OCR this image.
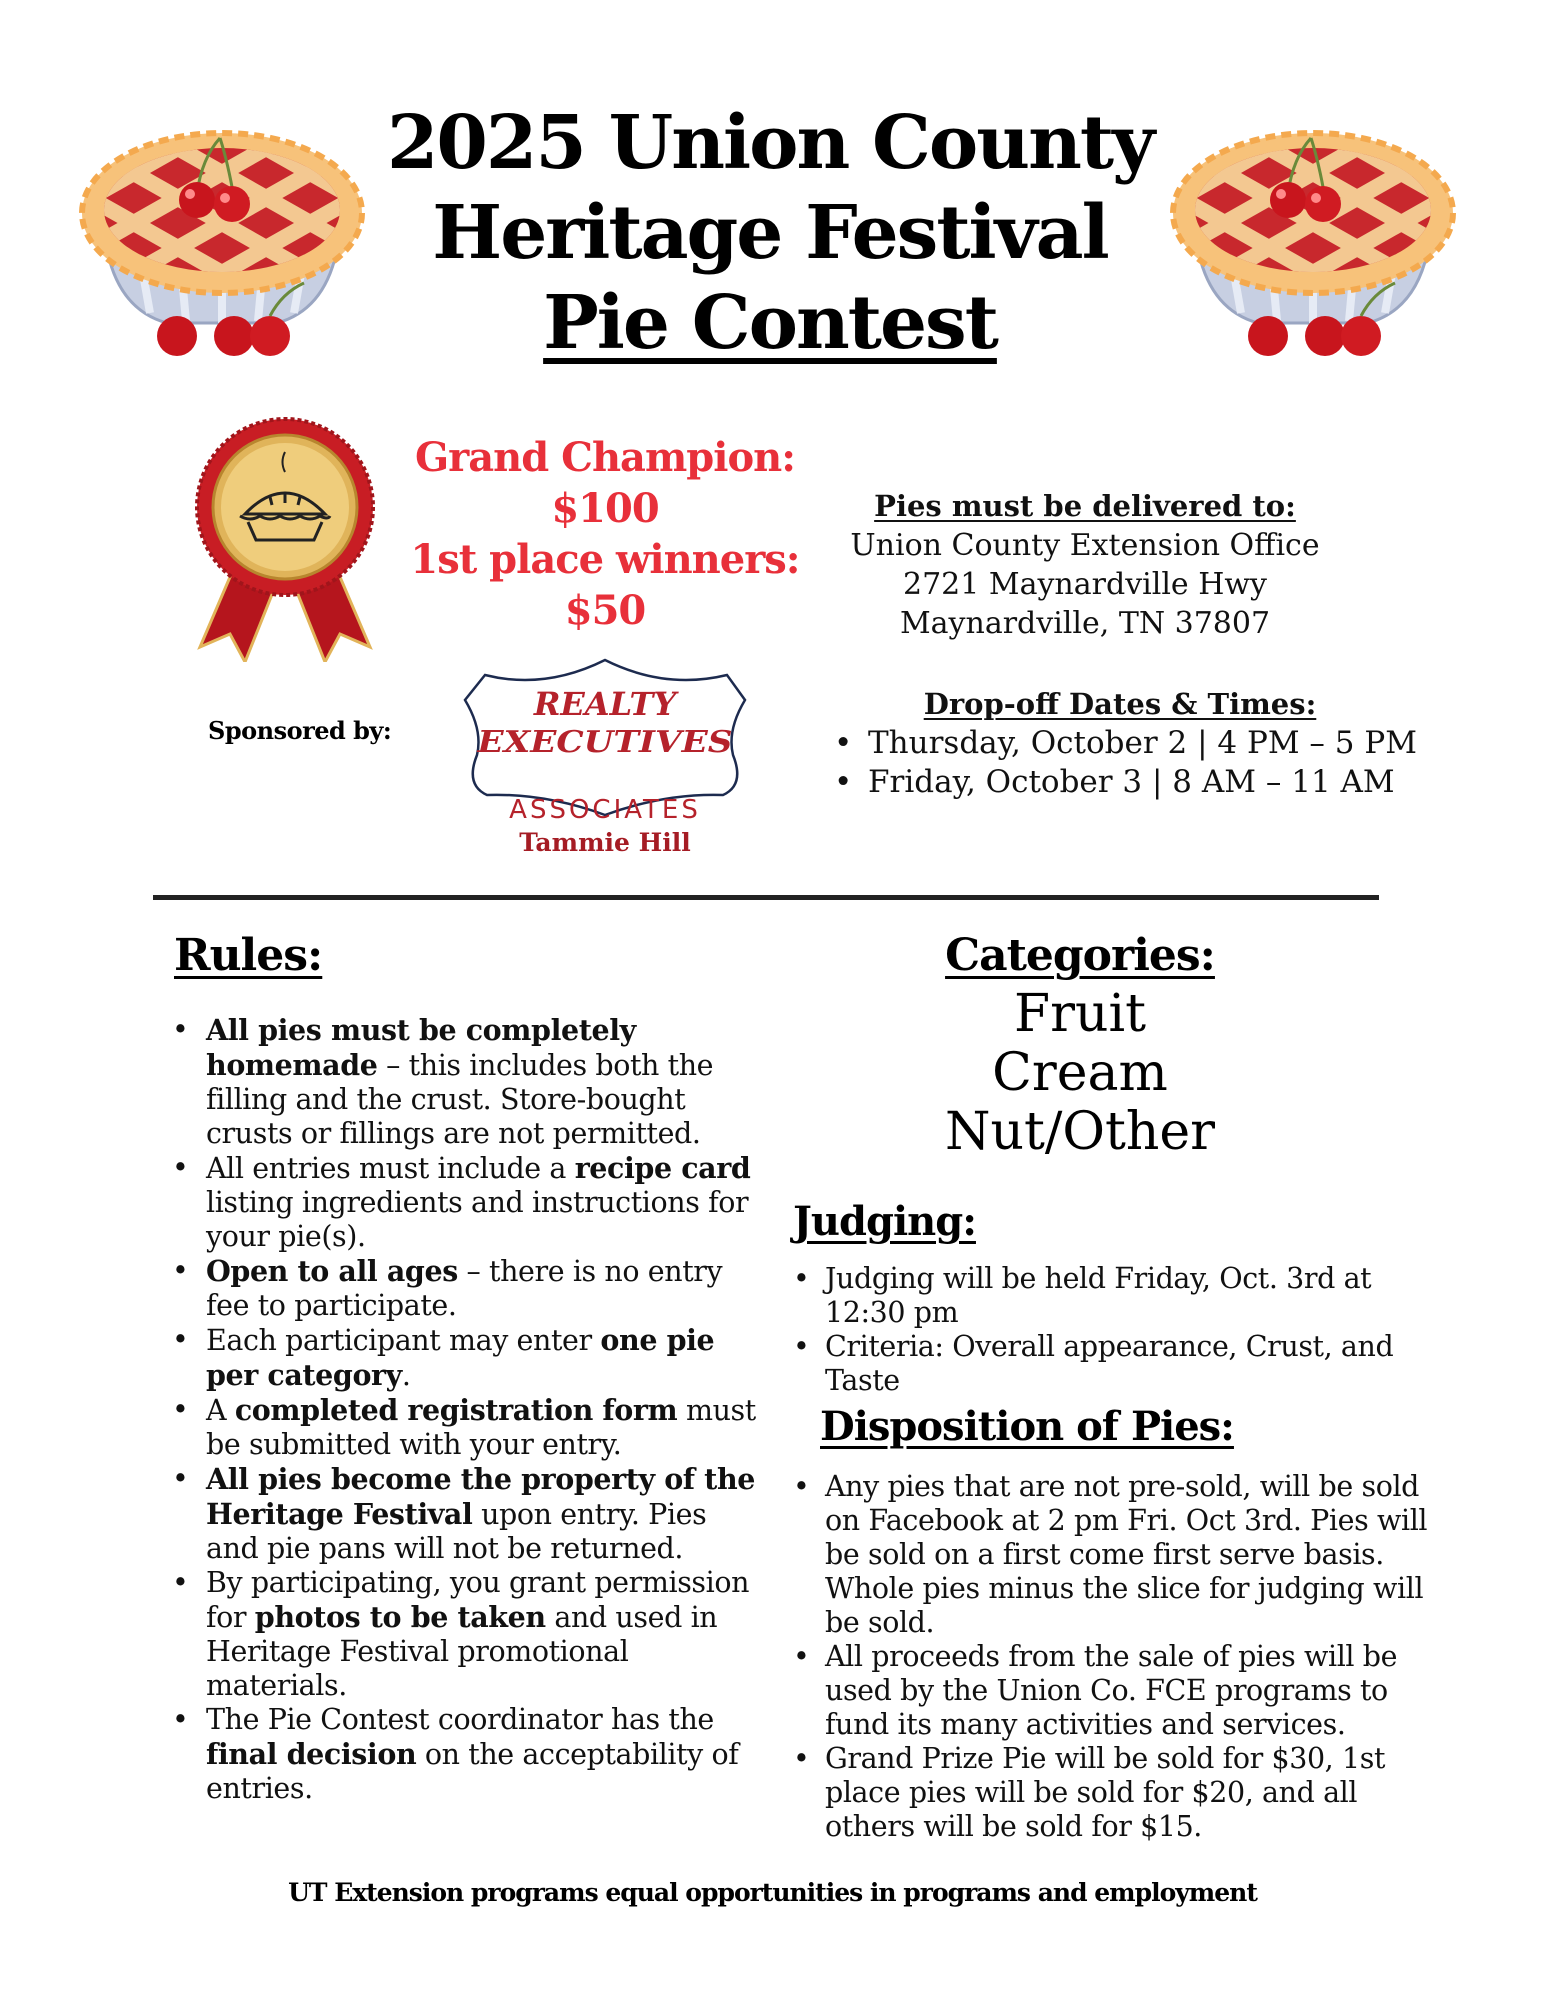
2025 Union County
Heritage Festival
Pie Contest
Grand Champion:
$100
1st place winners:
$50
Pies must be delivered to:
Union County Extension Office
2721 Maynardville Hwy
Maynardville, TN 37807
Drop-off Dates & Times:
• Thursday, October 2 | 4 PM – 5 PM
• Friday, October 3 | 8 AM – 11 AM
Sponsored by:
REALTY
EXECUTIVES
ASSOCIATES
Tammie Hill
Rules:
• All pies must be completely homemade – this includes both the filling and the crust. Store-bought crusts or fillings are not permitted.
• All entries must include a recipe card listing ingredients and instructions for your pie(s).
• Open to all ages – there is no entry fee to participate.
• Each participant may enter one pie per category.
• A completed registration form must be submitted with your entry.
• All pies become the property of the Heritage Festival upon entry. Pies and pie pans will not be returned.
• By participating, you grant permission for photos to be taken and used in Heritage Festival promotional materials.
• The Pie Contest coordinator has the final decision on the acceptability of entries.
Categories:
Fruit
Cream
Nut/Other
Judging:
• Judging will be held Friday, Oct. 3rd at 12:30 pm
• Criteria: Overall appearance, Crust, and Taste
Disposition of Pies:
• Any pies that are not pre-sold, will be sold on Facebook at 2 pm Fri. Oct 3rd. Pies will be sold on a first come first serve basis. Whole pies minus the slice for judging will be sold.
• All proceeds from the sale of pies will be used by the Union Co. FCE programs to fund its many activities and services.
• Grand Prize Pie will be sold for $30, 1st place pies will be sold for $20, and all others will be sold for $15.
UT Extension programs equal opportunities in programs and employment
